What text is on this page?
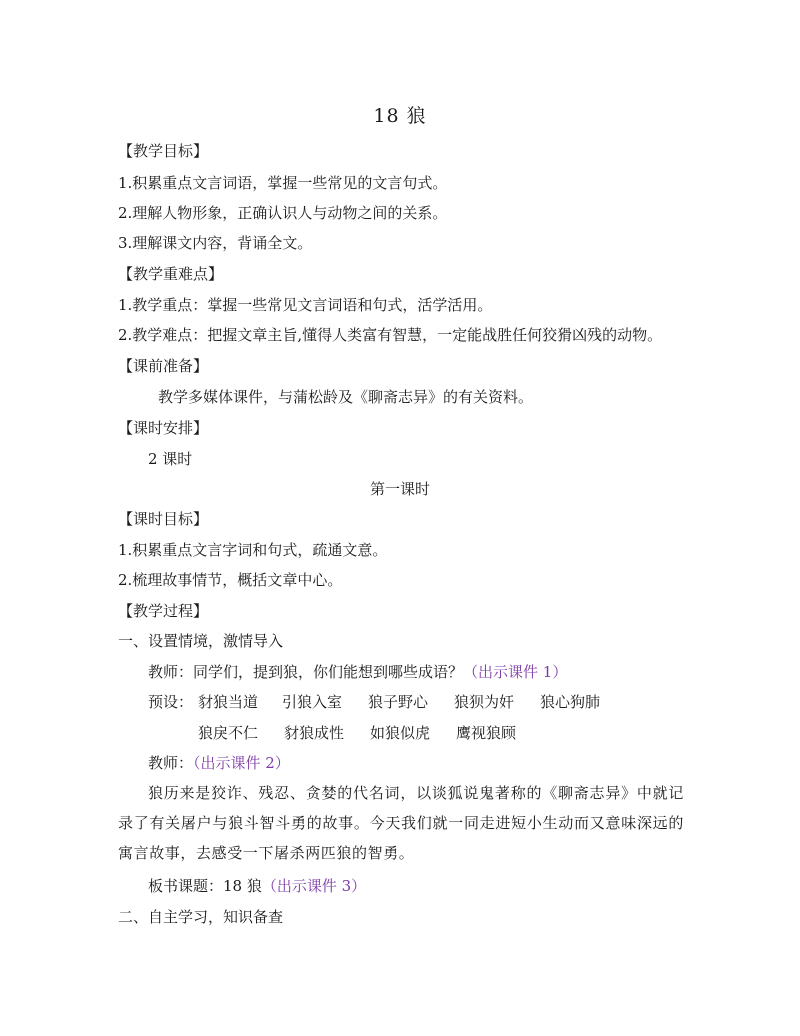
18 狼
【教学目标】
1.积累重点文言词语，掌握一些常见的文言句式。
2.理解人物形象，正确认识人与动物之间的关系。
3.理解课文内容，背诵全文。
【教学重难点】
1.教学重点：掌握一些常见文言词语和句式，活学活用。
2.教学难点：把握文章主旨,懂得人类富有智慧，一定能战胜任何狡猾凶残的动物。
【课前准备】
教学多媒体课件，与蒲松龄及《聊斋志异》的有关资料。
【课时安排】
2 课时
第一课时
【课时目标】
1.积累重点文言字词和句式，疏通文意。
2.梳理故事情节，概括文章中心。
【教学过程】
一、设置情境，激情导入
教师：同学们，提到狼，你们能想到哪些成语？（出示课件 1）
预设： 豺狼当道 引狼入室 狼子野心 狼狈为奸 狼心狗肺
狼戾不仁 豺狼成性 如狼似虎 鹰视狼顾
教师：（出示课件 2）
狼历来是狡诈、残忍、贪婪的代名词，以谈狐说鬼著称的《聊斋志异》中就记录了有关屠户与狼斗智斗勇的故事。今天我们就一同走进短小生动而又意味深远的寓言故事，去感受一下屠杀两匹狼的智勇。
板书课题：18 狼（出示课件 3）
二、自主学习，知识备查
